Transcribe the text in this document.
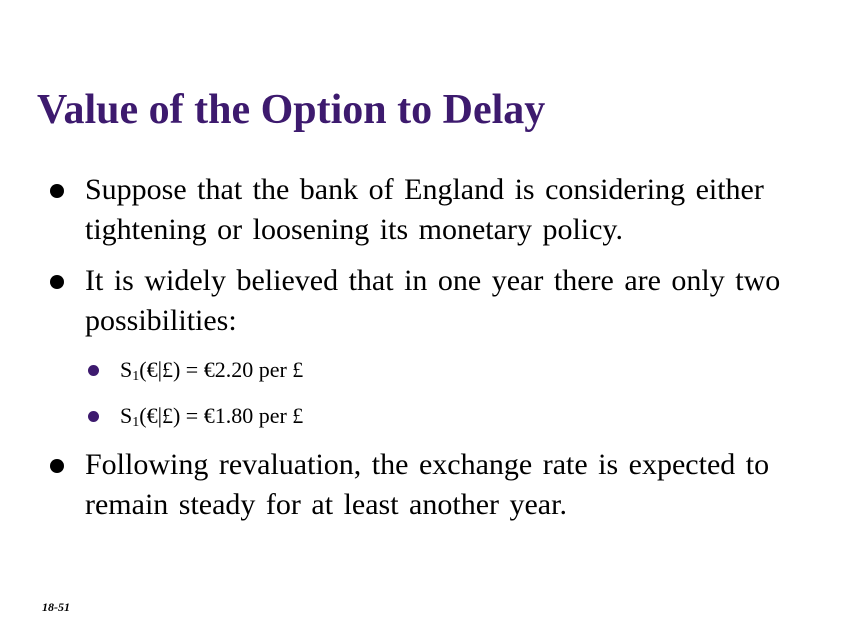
Value of the Option to Delay
Suppose that the bank of England is considering either tightening or loosening its monetary policy.
It is widely believed that in one year there are only two possibilities:
$S_1(€|£)$ = €2.20 per £
$S_1(€|£)$ = €1.80 per £
Following revaluation, the exchange rate is expected to remain steady for at least another year.
18-51
